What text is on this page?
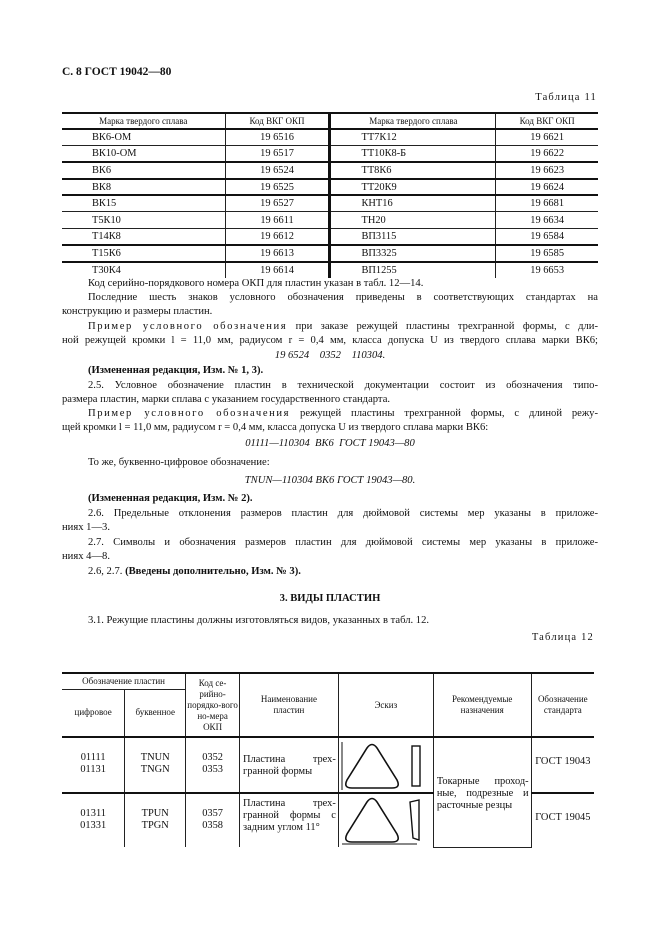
С. 8 ГОСТ 19042—80
Таблица 11
Марка твердого сплава	Код ВКГ ОКП	Марка твердого сплава	Код ВКГ ОКП
ВК6-ОМ	19 6516	ТТ7К12	19 6621
ВК10-ОМ	19 6517	ТТ10К8-Б	19 6622
ВК6	19 6524	ТТ8К6	19 6623
ВК8	19 6525	ТТ20К9	19 6624
ВК15	19 6527	КНТ16	19 6681
Т5К10	19 6611	ТН20	19 6634
Т14К8	19 6612	ВП3115	19 6584
Т15К6	19 6613	ВП3325	19 6585
Т30К4	19 6614	ВП1255	19 6653
Код серийно-порядкового номера ОКП для пластин указан в табл. 12—14.
Последние шесть знаков условного обозначения приведены в соответствующих стандартах на
конструкцию и размеры пластин.
Пример условного обозначения при заказе режущей пластины трехгранной формы, с дли-
ной режущей кромки l = 11,0 мм, радиусом r = 0,4 мм, класса допуска U из твердого сплава марки ВК6;
19 6524    0352    110304.
(Измененная редакция, Изм. № 1, 3).
2.5. Условное обозначение пластин в технической документации состоит из обозначения типо-
размера пластин, марки сплава с указанием государственного стандарта.
Пример условного обозначения режущей пластины трехгранной формы, с длиной режу-
щей кромки l = 11,0 мм, радиусом r = 0,4 мм, класса допуска U из твердого сплава марки ВК6:
01111—110304  ВК6  ГОСТ 19043—80
То же, буквенно-цифровое обозначение:
TNUN—110304 ВК6 ГОСТ 19043—80.
(Измененная редакция, Изм. № 2).
2.6. Предельные отклонения размеров пластин для дюймовой системы мер указаны в приложе-
ниях 1—3.
2.7. Символы и обозначения размеров пластин для дюймовой системы мер указаны в приложе-
ниях 4—8.
2.6, 2.7. (Введены дополнительно, Изм. № 3).
3. ВИДЫ ПЛАСТИН
3.1. Режущие пластины должны изготовляться видов, указанных в табл. 12.
Таблица 12
Обозначение пластин		Код се-рийно-порядко-вого но-мера ОКП	Наименование пластин	Эскиз	Рекомендуемые назначения	Обозначение стандарта
цифровое	буквенное					
01111 01131	TNUN TNGN	0352 0353	Пластина трех-гранной формы		Токарные проход-ные, подрезные и расточные резцы	ГОСТ 19043
01311 01331	TPUN TPGN	0357 0358	Пластина трех-гранной формы с задним углом 11°			ГОСТ 19045
